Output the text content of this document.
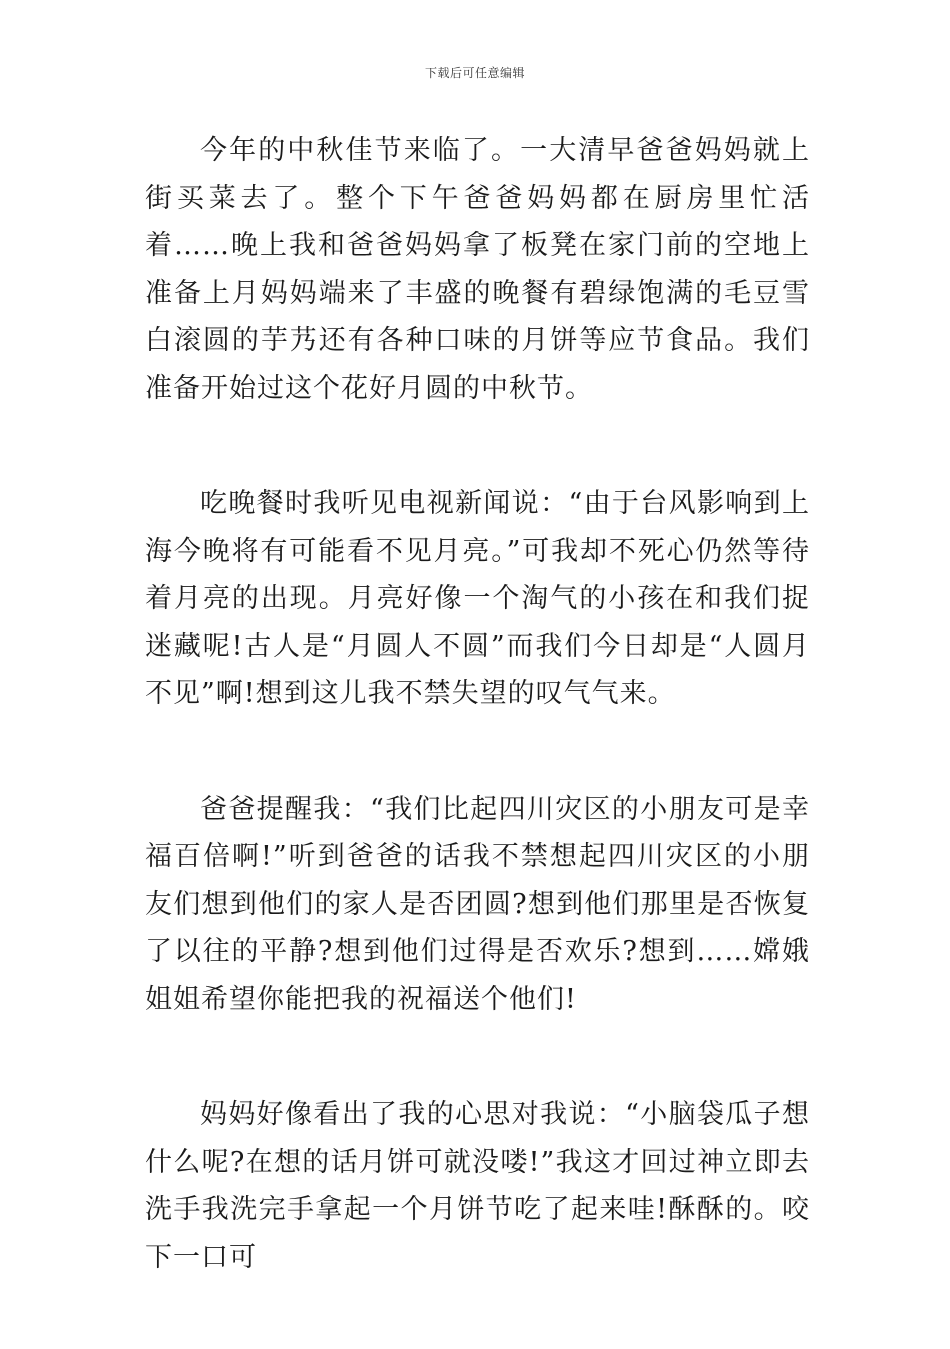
下载后可任意编辑

今年的中秋佳节来临了。一大清早爸爸妈妈就上街买菜去了。整个下午爸爸妈妈都在厨房里忙活着……晚上我和爸爸妈妈拿了板凳在家门前的空地上准备上月妈妈端来了丰盛的晚餐有碧绿饱满的毛豆雪白滚圆的芋艿还有各种口味的月饼等应节食品。我们准备开始过这个花好月圆的中秋节。

吃晚餐时我听见电视新闻说：“由于台风影响到上海今晚将有可能看不见月亮。”可我却不死心仍然等待着月亮的出现。月亮好像一个淘气的小孩在和我们捉迷藏呢!古人是“月圆人不圆”而我们今日却是“人圆月不见”啊!想到这儿我不禁失望的叹气气来。

爸爸提醒我：“我们比起四川灾区的小朋友可是幸福百倍啊!”听到爸爸的话我不禁想起四川灾区的小朋友们想到他们的家人是否团圆?想到他们那里是否恢复了以往的平静?想到他们过得是否欢乐?想到……嫦娥姐姐希望你能把我的祝福送个他们!

妈妈好像看出了我的心思对我说：“小脑袋瓜子想什么呢?在想的话月饼可就没喽!”我这才回过神立即去洗手我洗完手拿起一个月饼节吃了起来哇!酥酥的。咬下一口可
